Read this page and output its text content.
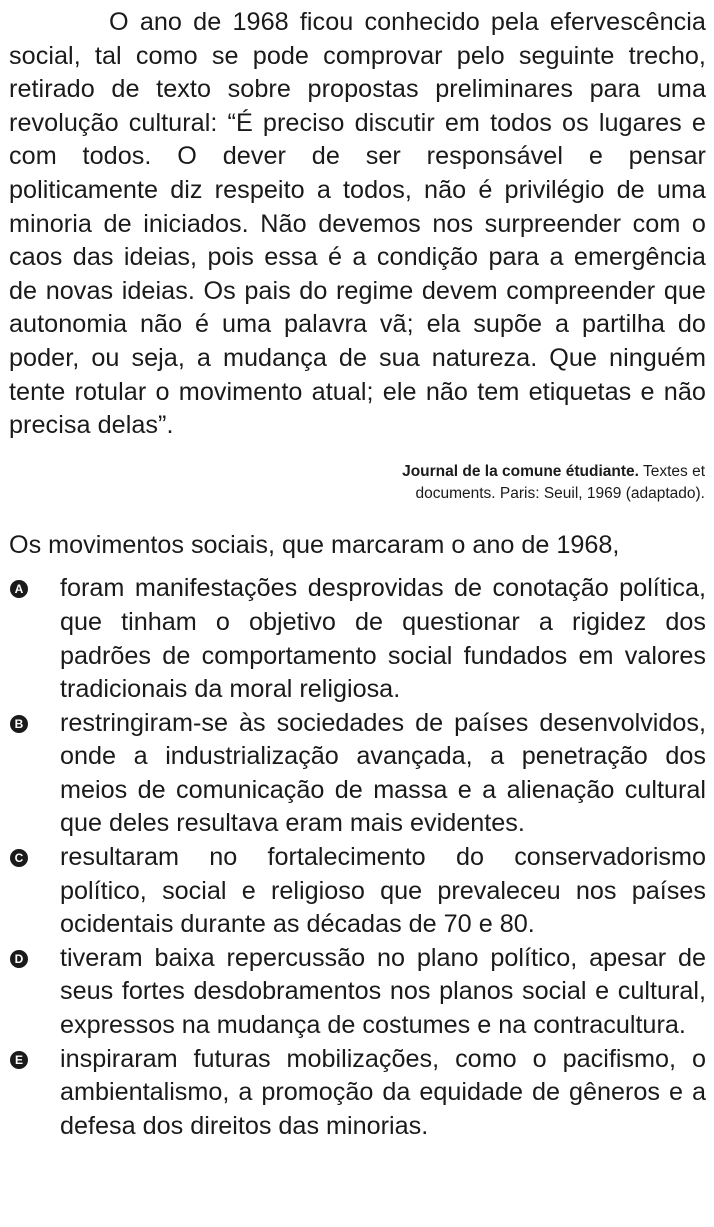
O ano de 1968 ficou conhecido pela efervescência social, tal como se pode comprovar pelo seguinte trecho, retirado de texto sobre propostas preliminares para uma revolução cultural: “É preciso discutir em todos os lugares e com todos. O dever de ser responsável e pensar politicamente diz respeito a todos, não é privilégio de uma minoria de iniciados. Não devemos nos surpreender com o caos das ideias, pois essa é a condição para a emergência de novas ideias. Os pais do regime devem compreender que autonomia não é uma palavra vã; ela supõe a partilha do poder, ou seja, a mudança de sua natureza. Que ninguém tente rotular o movimento atual; ele não tem etiquetas e não precisa delas”.

Journal de la comune étudiante. Textes et
documents. Paris: Seuil, 1969 (adaptado).

Os movimentos sociais, que marcaram o ano de 1968,

A foram manifestações desprovidas de conotação política, que tinham o objetivo de questionar a rigidez dos padrões de comportamento social fundados em valores tradicionais da moral religiosa.
B restringiram-se às sociedades de países desenvolvidos, onde a industrialização avançada, a penetração dos meios de comunicação de massa e a alienação cultural que deles resultava eram mais evidentes.
C resultaram no fortalecimento do conservadorismo político, social e religioso que prevaleceu nos países ocidentais durante as décadas de 70 e 80.
D tiveram baixa repercussão no plano político, apesar de seus fortes desdobramentos nos planos social e cultural, expressos na mudança de costumes e na contracultura.
E inspiraram futuras mobilizações, como o pacifismo, o ambientalismo, a promoção da equidade de gêneros e a defesa dos direitos das minorias.
